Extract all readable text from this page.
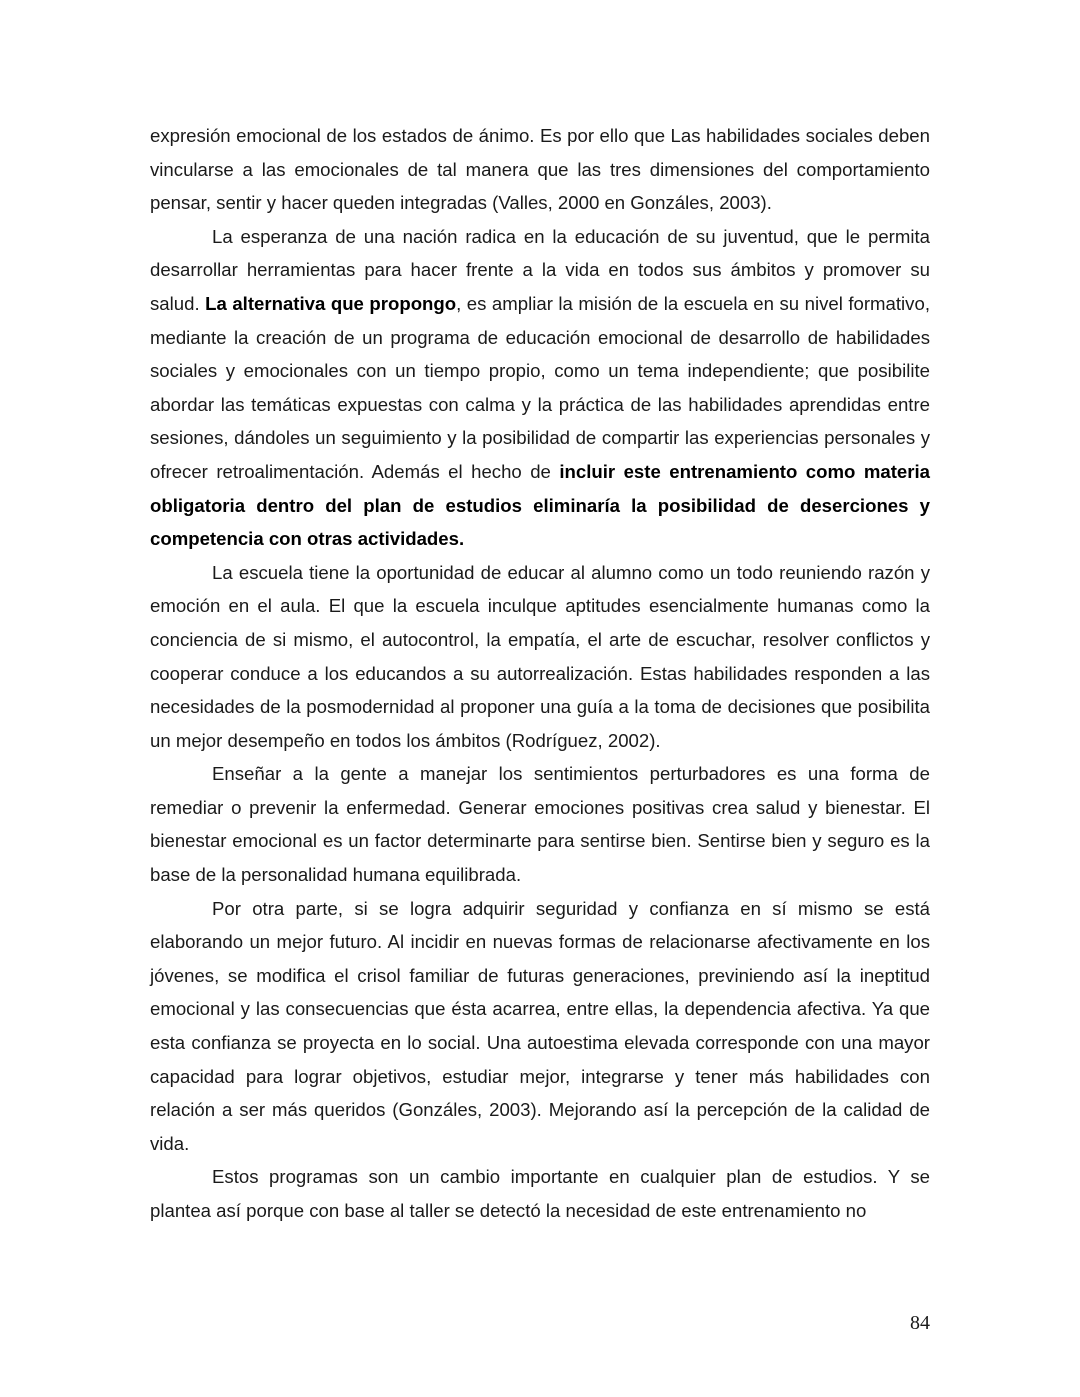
expresión emocional de los estados de ánimo. Es por ello que Las habilidades sociales deben vincularse a las emocionales de tal manera que las tres dimensiones del comportamiento pensar, sentir y hacer queden integradas (Valles, 2000 en Gonzáles, 2003).

La esperanza de una nación radica en la educación de su juventud, que le permita desarrollar herramientas para hacer frente a la vida en todos sus ámbitos y promover su salud. La alternativa que propongo, es ampliar la misión de la escuela en su nivel formativo, mediante la creación de un programa de educación emocional de desarrollo de habilidades sociales y emocionales con un tiempo propio, como un tema independiente; que posibilite abordar las temáticas expuestas con calma y la práctica de las habilidades aprendidas entre sesiones, dándoles un seguimiento y la posibilidad de compartir las experiencias personales y ofrecer retroalimentación. Además el hecho de incluir este entrenamiento como materia obligatoria dentro del plan de estudios eliminaría la posibilidad de deserciones y competencia con otras actividades.

La escuela tiene la oportunidad de educar al alumno como un todo reuniendo razón y emoción en el aula. El que la escuela inculque aptitudes esencialmente humanas como la conciencia de si mismo, el autocontrol, la empatía, el arte de escuchar, resolver conflictos y cooperar conduce a los educandos a su autorrealización. Estas habilidades responden a las necesidades de la posmodernidad al proponer una guía a la toma de decisiones que posibilita un mejor desempeño en todos los ámbitos (Rodríguez, 2002).

Enseñar a la gente a manejar los sentimientos perturbadores es una forma de remediar o prevenir la enfermedad. Generar emociones positivas crea salud y bienestar. El bienestar emocional es un factor determinarte para sentirse bien. Sentirse bien y seguro es la base de la personalidad humana equilibrada.

Por otra parte, si se logra adquirir seguridad y confianza en sí mismo se está elaborando un mejor futuro. Al incidir en nuevas formas de relacionarse afectivamente en los jóvenes, se modifica el crisol familiar de futuras generaciones, previniendo así la ineptitud emocional y las consecuencias que ésta acarrea, entre ellas, la dependencia afectiva. Ya que esta confianza se proyecta en lo social. Una autoestima elevada corresponde con una mayor capacidad para lograr objetivos, estudiar mejor, integrarse y tener más habilidades con relación a ser más queridos (Gonzáles, 2003). Mejorando así la percepción de la calidad de vida.

Estos programas son un cambio importante en cualquier plan de estudios. Y se plantea así porque con base al taller se detectó la necesidad de este entrenamiento no

84
